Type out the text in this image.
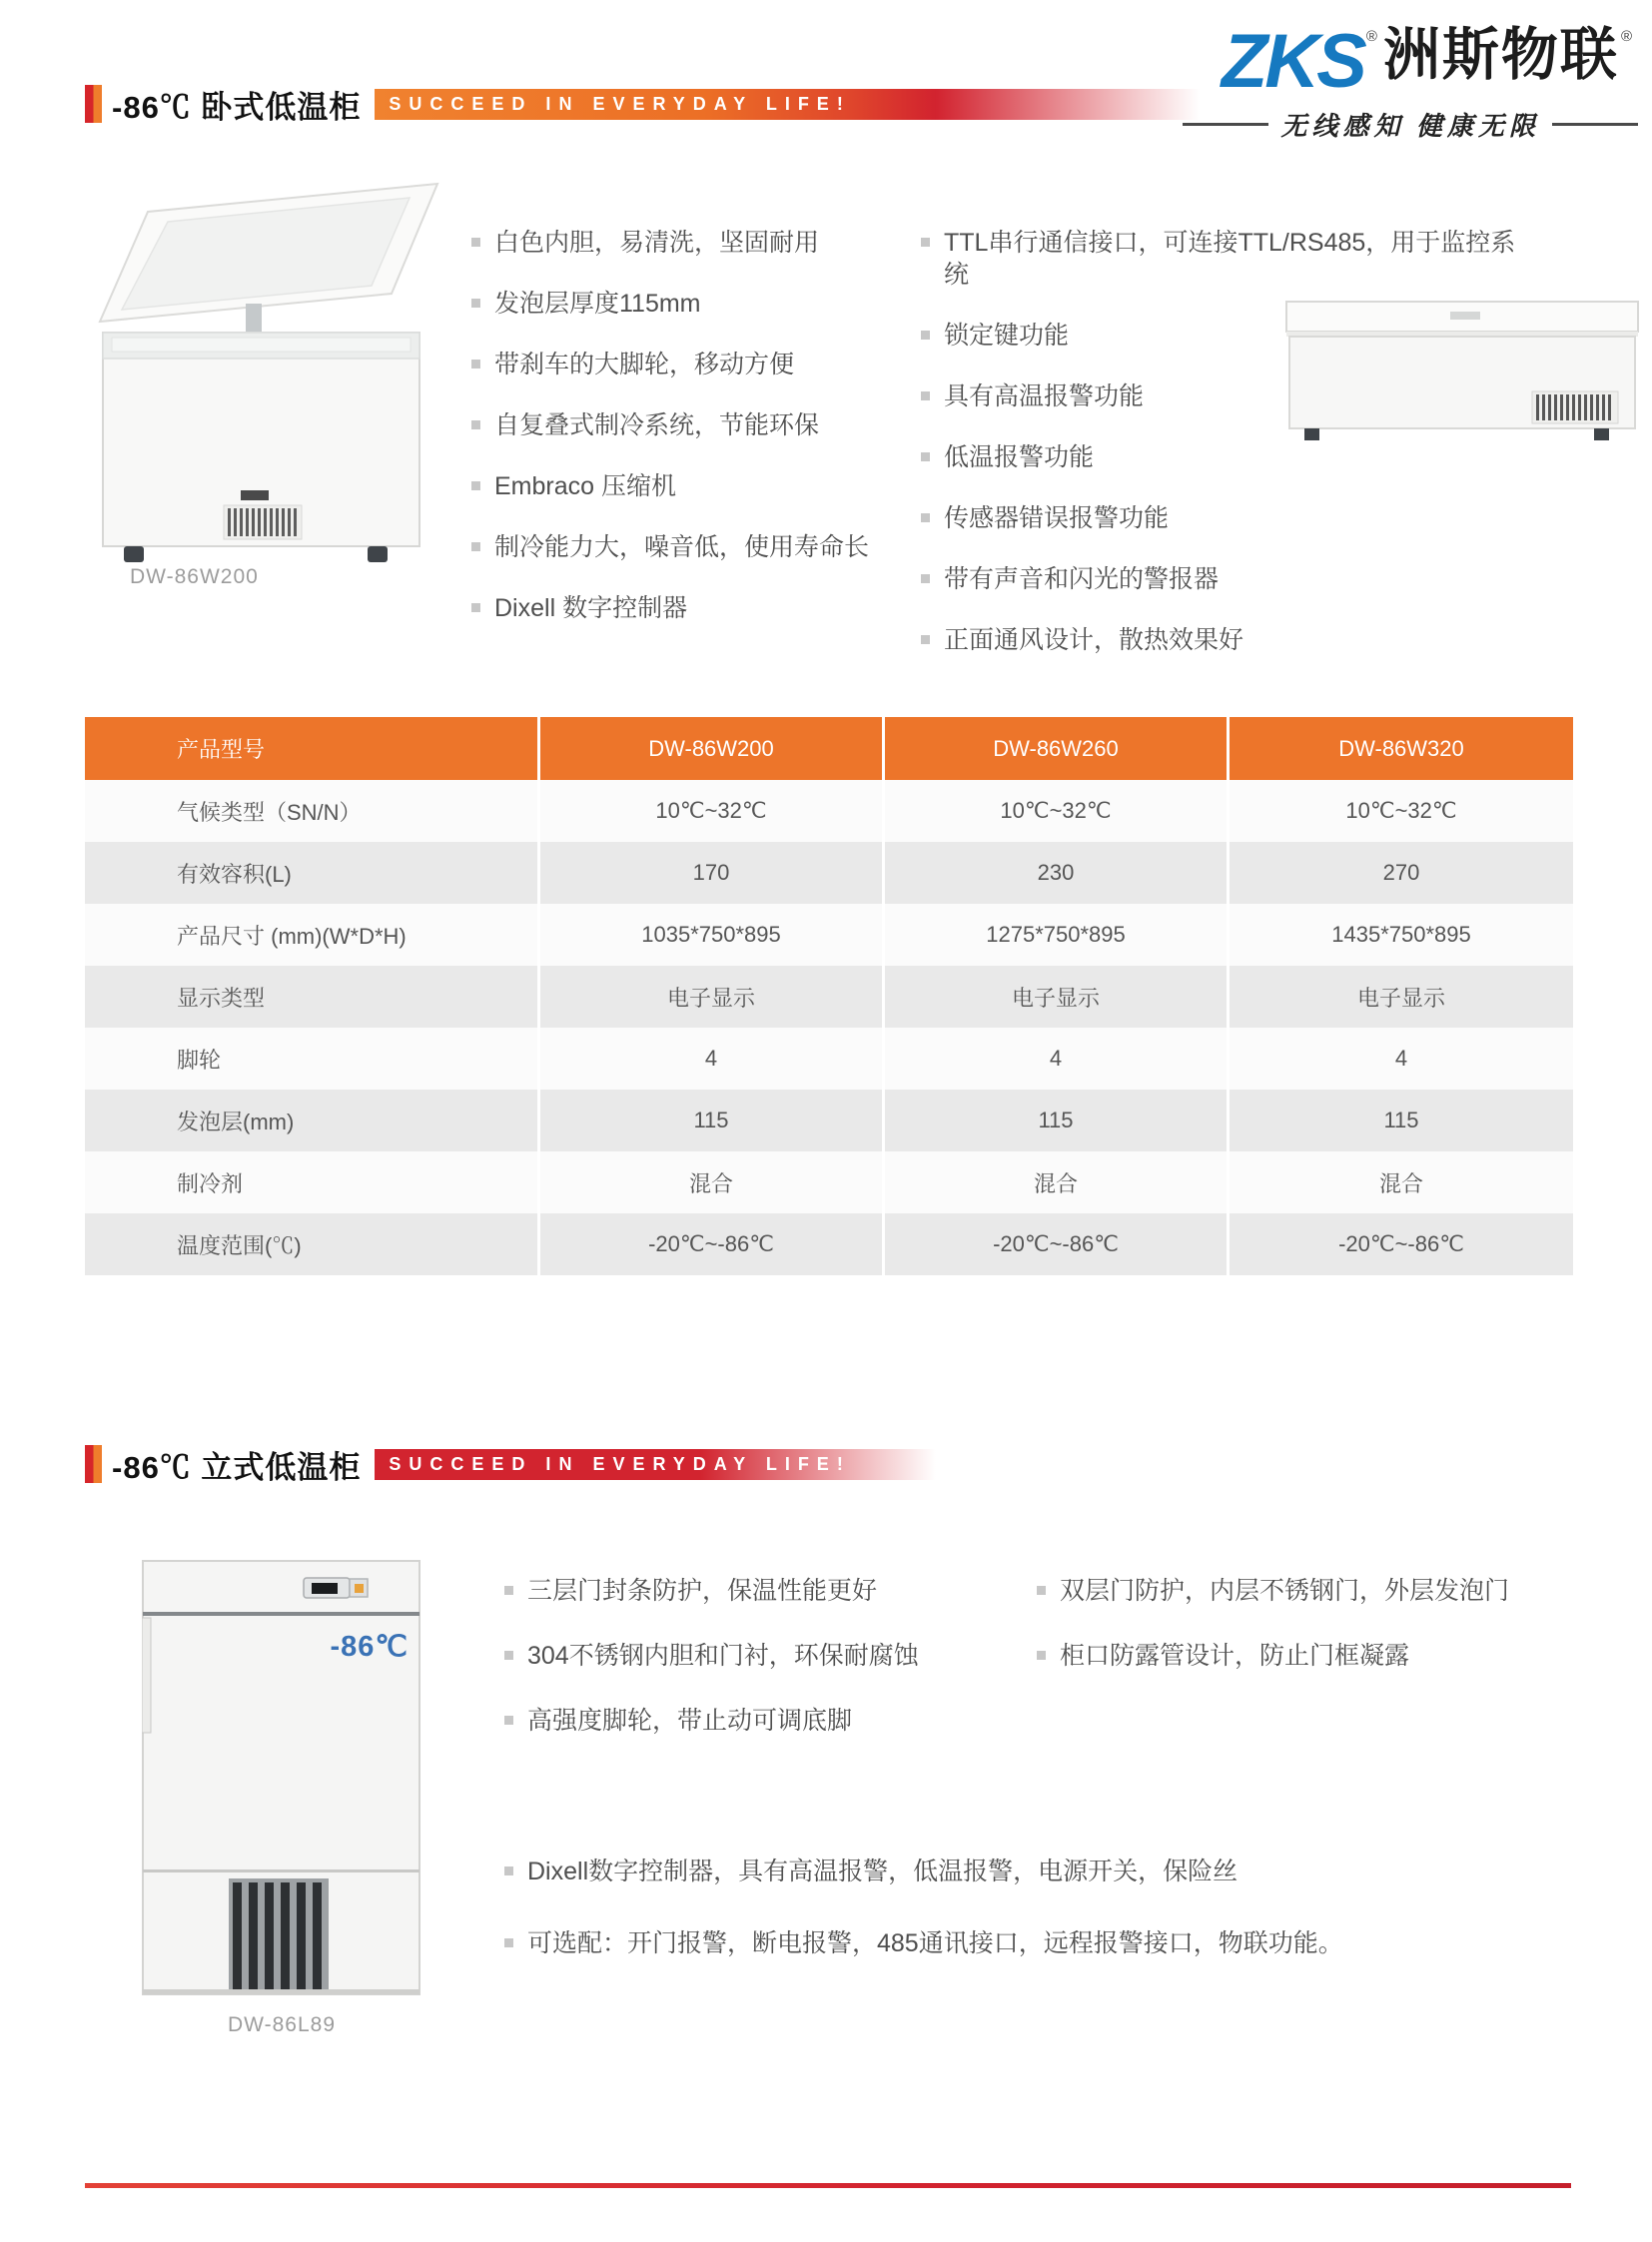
ZKS ® 洲斯物联 ®
无线感知 健康无限
-86℃ 卧式低温柜	SUCCEED IN EVERYDAY LIFE!
DW-86W200
白色内胆，易清洗，坚固耐用
发泡层厚度115mm
带刹车的大脚轮，移动方便
自复叠式制冷系统，节能环保
Embraco 压缩机
制冷能力大，噪音低，使用寿命长
Dixell 数字控制器
TTL串行通信接口，可连接TTL/RS485，用于监控系统
锁定键功能
具有高温报警功能
低温报警功能
传感器错误报警功能
带有声音和闪光的警报器
正面通风设计，散热效果好
产品型号	DW-86W200	DW-86W260	DW-86W320
气候类型（SN/N）	10℃~32℃	10℃~32℃	10℃~32℃
有效容积(L)	170	230	270
产品尺寸 (mm)(W*D*H)	1035*750*895	1275*750*895	1435*750*895
显示类型	电子显示	电子显示	电子显示
脚轮	4	4	4
发泡层(mm)	115	115	115
制冷剂	混合	混合	混合
温度范围(℃)	-20℃~-86℃	-20℃~-86℃	-20℃~-86℃
-86℃ 立式低温柜	SUCCEED IN EVERYDAY LIFE!
-86℃
DW-86L89
三层门封条防护，保温性能更好
304不锈钢内胆和门衬，环保耐腐蚀
高强度脚轮，带止动可调底脚
双层门防护，内层不锈钢门，外层发泡门
柜口防露管设计，防止门框凝露
Dixell数字控制器，具有高温报警，低温报警，电源开关，保险丝
可选配：开门报警，断电报警，485通讯接口，远程报警接口，物联功能。
